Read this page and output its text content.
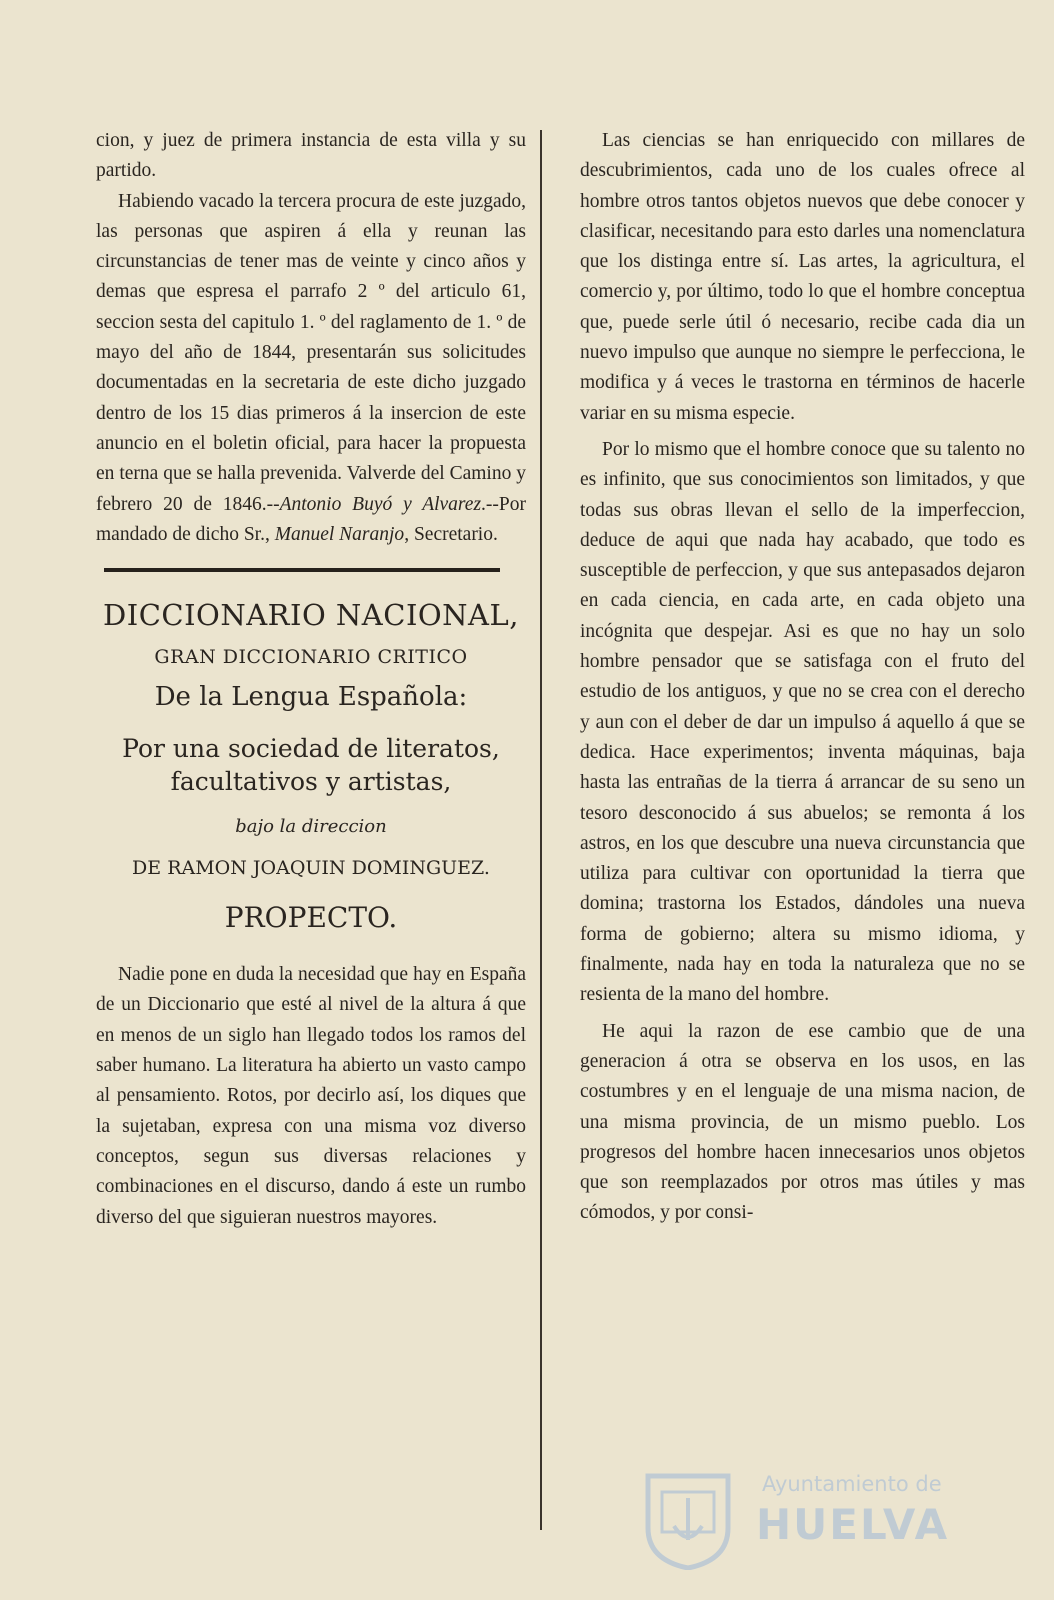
cion, y juez de primera instancia de esta villa y su partido.

Habiendo vacado la tercera procura de este juzgado, las personas que aspiren á ella y reunan las circunstancias de tener mas de veinte y cinco años y demas que espresa el parrafo 2 º del articulo 61, seccion sesta del capitulo 1. º del raglamento de 1. º de mayo del año de 1844, presentarán sus solicitudes documentadas en la secretaria de este dicho juzgado dentro de los 15 dias primeros á la insercion de este anuncio en el boletin oficial, para hacer la propuesta en terna que se halla prevenida. Valverde del Camino y febrero 20 de 1846.--Antonio Buyó y Alvarez.--Por mandado de dicho Sr., Manuel Naranjo, Secretario.

DICCIONARIO NACIONAL,
GRAN DICCIONARIO CRITICO
De la Lengua Española:
Por una sociedad de literatos, facultativos y artistas,
bajo la direccion
DE RAMON JOAQUIN DOMINGUEZ.
PROPECTO.

Nadie pone en duda la necesidad que hay en España de un Diccionario que esté al nivel de la altura á que en menos de un siglo han llegado todos los ramos del saber humano. La literatura ha abierto un vasto campo al pensamiento. Rotos, por decirlo así, los diques que la sujetaban, expresa con una misma voz diverso conceptos, segun sus diversas relaciones y combinaciones en el discurso, dando á este un rumbo diverso del que siguieran nuestros mayores.

Las ciencias se han enriquecido con millares de descubrimientos, cada uno de los cuales ofrece al hombre otros tantos objetos nuevos que debe conocer y clasificar, necesitando para esto darles una nomenclatura que los distinga entre sí. Las artes, la agricultura, el comercio y, por último, todo lo que el hombre conceptua que, puede serle útil ó necesario, recibe cada dia un nuevo impulso que aunque no siempre le perfecciona, le modifica y á veces le trastorna en términos de hacerle variar en su misma especie.

Por lo mismo que el hombre conoce que su talento no es infinito, que sus conocimientos son limitados, y que todas sus obras llevan el sello de la imperfeccion, deduce de aqui que nada hay acabado, que todo es susceptible de perfeccion, y que sus antepasados dejaron en cada ciencia, en cada arte, en cada objeto una incógnita que despejar. Asi es que no hay un solo hombre pensador que se satisfaga con el fruto del estudio de los antiguos, y que no se crea con el derecho y aun con el deber de dar un impulso á aquello á que se dedica. Hace experimentos; inventa máquinas, baja hasta las entrañas de la tierra á arrancar de su seno un tesoro desconocido á sus abuelos; se remonta á los astros, en los que descubre una nueva circunstancia que utiliza para cultivar con oportunidad la tierra que domina; trastorna los Estados, dándoles una nueva forma de gobierno; altera su mismo idioma, y finalmente, nada hay en toda la naturaleza que no se resienta de la mano del hombre.

He aqui la razon de ese cambio que de una generacion á otra se observa en los usos, en las costumbres y en el lenguaje de una misma nacion, de una misma provincia, de un mismo pueblo. Los progresos del hombre hacen innecesarios unos objetos que son reemplazados por otros mas útiles y mas cómodos, y por consi-

Ayuntamiento de
HUELVA
